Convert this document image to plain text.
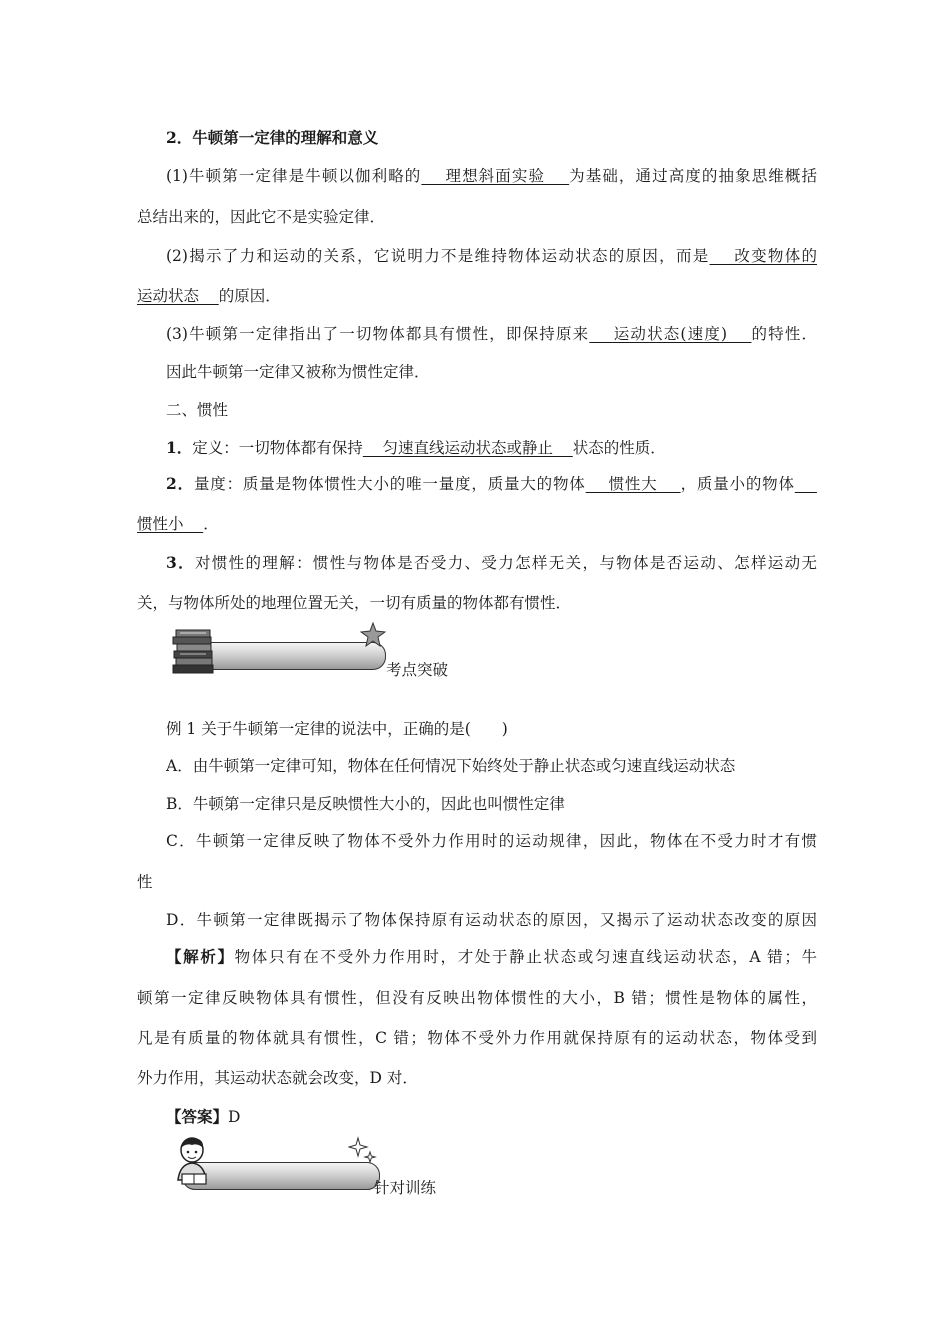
2．牛顿第一定律的理解和意义
(1)牛顿第一定律是牛顿以伽利略的    理想斜面实验    为基础，通过高度的抽象思维概括
总结出来的，因此它不是实验定律．
(2)揭示了力和运动的关系，它说明力不是维持物体运动状态的原因，而是    改变物体的
运动状态    的原因．
(3)牛顿第一定律指出了一切物体都具有惯性，即保持原来    运动状态(速度)    的特性．
因此牛顿第一定律又被称为惯性定律．
二、惯性
1．定义：一切物体都有保持    匀速直线运动状态或静止    状态的性质．
2．量度：质量是物体惯性大小的唯一量度，质量大的物体    惯性大    ，质量小的物体
惯性小    ．
3．对惯性的理解：惯性与物体是否受力、受力怎样无关，与物体是否运动、怎样运动无
关，与物体所处的地理位置无关，一切有质量的物体都有惯性．
考点突破
例 1 关于牛顿第一定律的说法中，正确的是(　　)
A．由牛顿第一定律可知，物体在任何情况下始终处于静止状态或匀速直线运动状态
B．牛顿第一定律只是反映惯性大小的，因此也叫惯性定律
C．牛顿第一定律反映了物体不受外力作用时的运动规律，因此，物体在不受力时才有惯
性
D．牛顿第一定律既揭示了物体保持原有运动状态的原因，又揭示了运动状态改变的原因
【解析】物体只有在不受外力作用时，才处于静止状态或匀速直线运动状态，A 错；牛
顿第一定律反映物体具有惯性，但没有反映出物体惯性的大小，B 错；惯性是物体的属性，
凡是有质量的物体就具有惯性，C 错；物体不受外力作用就保持原有的运动状态，物体受到
外力作用，其运动状态就会改变，D 对．
【答案】D
针对训练
